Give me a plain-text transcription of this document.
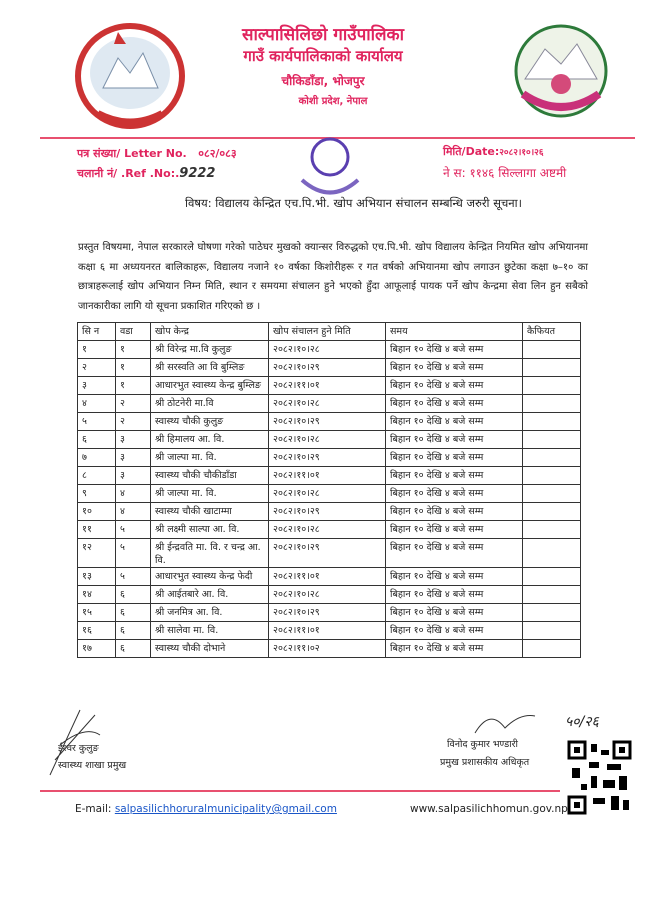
साल्पासिलिछो गाउँपालिका
गाउँ कार्यपालिकाको कार्यालय
चौकिडाँडा, भोजपुर
कोशी प्रदेश, नेपाल
पत्र संख्या/ Letter No. ०८२/०८३
चलानी नं/ .Ref .No:.9222
मिति/Date:२०८२।१०।२६
ने स: ११४६ सिल्लागा अष्टमी
विषय: विद्यालय केन्द्रित एच.पि.भी. खोप अभियान संचालन सम्बन्धि जरुरी सूचना।
प्रस्तुत विषयमा, नेपाल सरकारले घोषणा गरेको पाठेघर मुखको क्यान्सर विरुद्धको एच.पि.भी. खोप विद्यालय केन्द्रित नियमित खोप अभियानमा कक्षा ६ मा अध्ययनरत बालिकाहरू, विद्यालय नजाने १० वर्षका किशोरीहरू र गत वर्षको अभियानमा खोप लगाउन छुटेका कक्षा ७–१० का छात्राहरूलाई खोप अभियान निम्न मिति, स्थान र समयमा संचालन हुने भएको हुँदा आफूलाई पायक पर्ने खोप केन्द्रमा सेवा लिन हुन सबैको जानकारीका लागि यो सूचना प्रकाशित गरिएको छ ।
सि न	वडा	खोप केन्द्र	खोप संचालन हुने मिति	समय	कैफियत
१	१	श्री विरेन्द्र मा.वि कुलुङ	२०८२।१०।२८	बिहान १० देखि ४ बजे सम्म	
२	१	श्री सरस्वति आ वि बुम्लिङ	२०८२।१०।२९	बिहान १० देखि ४ बजे सम्म	
३	१	आधारभुत स्वास्थ्य केन्द्र बुम्लिङ	२०८२।११।०१	बिहान १० देखि ४ बजे सम्म	
४	२	श्री ठोटनेरी मा.वि	२०८२।१०।२८	बिहान १० देखि ४ बजे सम्म	
५	२	स्वास्थ्य चौकी कुलुङ	२०८२।१०।२९	बिहान १० देखि ४ बजे सम्म	
६	३	श्री हिमालय आ. वि.	२०८२।१०।२८	बिहान १० देखि ४ बजे सम्म	
७	३	श्री जाल्पा मा. वि.	२०८२।१०।२९	बिहान १० देखि ४ बजे सम्म	
८	३	स्वास्थ्य चौकी चौकीडाँडा	२०८२।११।०१	बिहान १० देखि ४ बजे सम्म	
९	४	श्री जाल्पा मा. वि.	२०८२।१०।२८	बिहान १० देखि ४ बजे सम्म	
१०	४	स्वास्थ्य चौकी खाटाम्मा	२०८२।१०।२९	बिहान १० देखि ४ बजे सम्म	
११	५	श्री लक्ष्मी साल्पा आ. वि.	२०८२।१०।२८	बिहान १० देखि ४ बजे सम्म	
१२	५	श्री ईन्द्रवति मा. वि. र चन्द्र आ. वि.	२०८२।१०।२९	बिहान १० देखि ४ बजे सम्म	
१३	५	आधारभुत स्वास्थ्य केन्द्र फेदी	२०८२।११।०१	बिहान १० देखि ४ बजे सम्म	
१४	६	श्री आईतबारे आ. वि.	२०८२।१०।२८	बिहान १० देखि ४ बजे सम्म	
१५	६	श्री जनमित्र आ. वि.	२०८२।१०।२९	बिहान १० देखि ४ बजे सम्म	
१६	६	श्री सालेवा मा. वि.	२०८२।११।०१	बिहान १० देखि ४ बजे सम्म	
१७	६	स्वास्थ्य चौकी दोभाने	२०८२।११।०२	बिहान १० देखि ४ बजे सम्म	
ईश्वर कुलुङ
स्वास्थ्य शाखा प्रमुख
विनोद कुमार भण्डारी
प्रमुख प्रशासकीय अधिकृत
५०/२६
E-mail: salpasilichhoruralmunicipality@gmail.com	www.salpasilichhomun.gov.np
